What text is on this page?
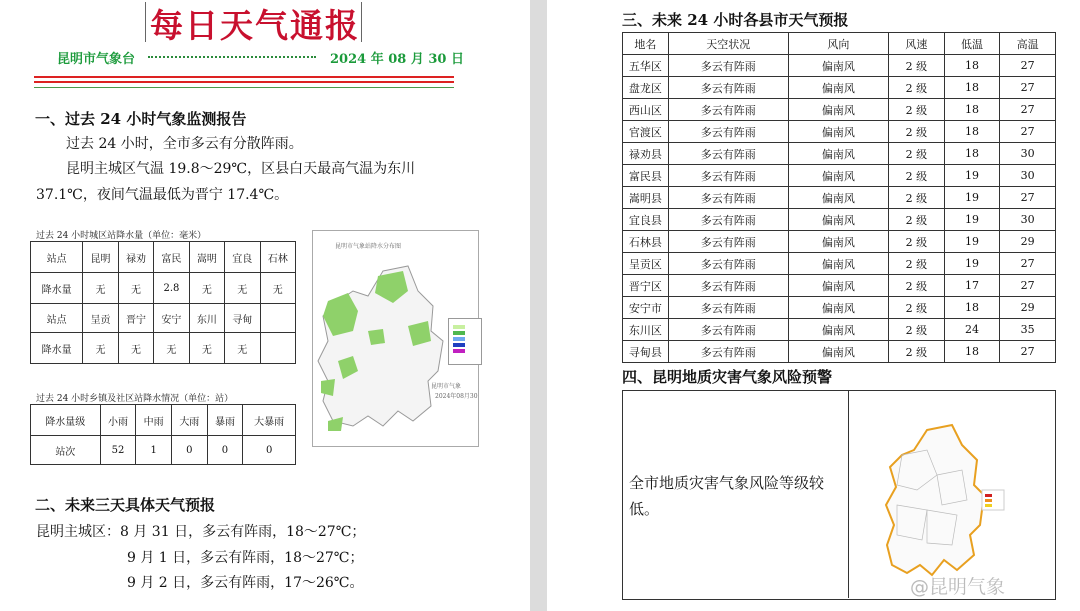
每日天气通报
昆明市气象台	2024 年 08 月 30 日
一、过去 24 小时气象监测报告
过去 24 小时，全市多云有分散阵雨。
昆明主城区气温 19.8～29℃，区县白天最高气温为东川
37.1℃，夜间气温最低为晋宁 17.4℃。
过去 24 小时城区站降水量（单位：毫米）
站点	昆明	禄劝	富民	嵩明	宜良	石林
降水量	无	无	2.8	无	无	无
站点	呈贡	晋宁	安宁	东川	寻甸	
降水量	无	无	无	无	无	
过去 24 小时乡镇及社区站降水情况（单位：站）
降水量级	小雨	中雨	大雨	暴雨	大暴雨
站次	52	1	0	0	0
昆明市气象站降水分布图
昆明市气象
2024年08月30
二、未来三天具体天气预报
昆明主城区：8 月 31 日，多云有阵雨，18～27℃；
9 月 1 日，多云有阵雨，18～27℃；
9 月 2 日，多云有阵雨，17～26℃。
三、未来 24 小时各县市天气预报
地名	天空状况	风向	风速	低温	高温
五华区	多云有阵雨	偏南风	2 级	18	27
盘龙区	多云有阵雨	偏南风	2 级	18	27
西山区	多云有阵雨	偏南风	2 级	18	27
官渡区	多云有阵雨	偏南风	2 级	18	27
禄劝县	多云有阵雨	偏南风	2 级	18	30
富民县	多云有阵雨	偏南风	2 级	19	30
嵩明县	多云有阵雨	偏南风	2 级	19	27
宜良县	多云有阵雨	偏南风	2 级	19	30
石林县	多云有阵雨	偏南风	2 级	19	29
呈贡区	多云有阵雨	偏南风	2 级	19	27
晋宁区	多云有阵雨	偏南风	2 级	17	27
安宁市	多云有阵雨	偏南风	2 级	18	29
东川区	多云有阵雨	偏南风	2 级	24	35
寻甸县	多云有阵雨	偏南风	2 级	18	27
四、昆明地质灾害气象风险预警
全市地质灾害气象风险等级较低。
@昆明气象
